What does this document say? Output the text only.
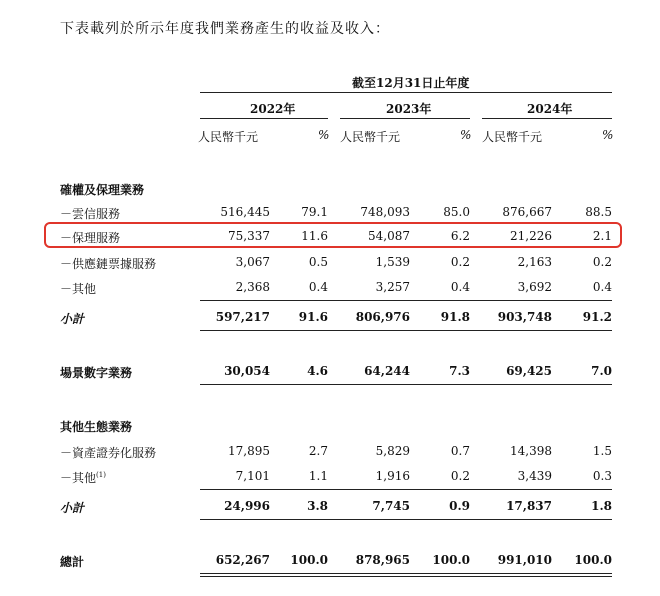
下表載列於所示年度我們業務產生的收益及收入：
截至12月31日止年度
2022年	2023年	2024年
人民幣千元	% 人民幣千元	% 人民幣千元	%
確權及保理業務
－雲信服務	516,445	79.1	748,093	85.0	876,667	88.5
－保理服務	75,337	11.6	54,087	6.2	21,226	2.1
－供應鏈票據服務	3,067	0.5	1,539	0.2	2,163	0.2
－其他	2,368	0.4	3,257	0.4	3,692	0.4
小計	597,217	91.6	806,976	91.8	903,748	91.2
場景數字業務	30,054	4.6	64,244	7.3	69,425	7.0
其他生態業務
－資產證券化服務	17,895	2.7	5,829	0.7	14,398	1.5
－其他$^{(1)}$	7,101	1.1	1,916	0.2	3,439	0.3
小計	24,996	3.8	7,745	0.9	17,837	1.8
總計	652,267	100.0	878,965	100.0	991,010	100.0
